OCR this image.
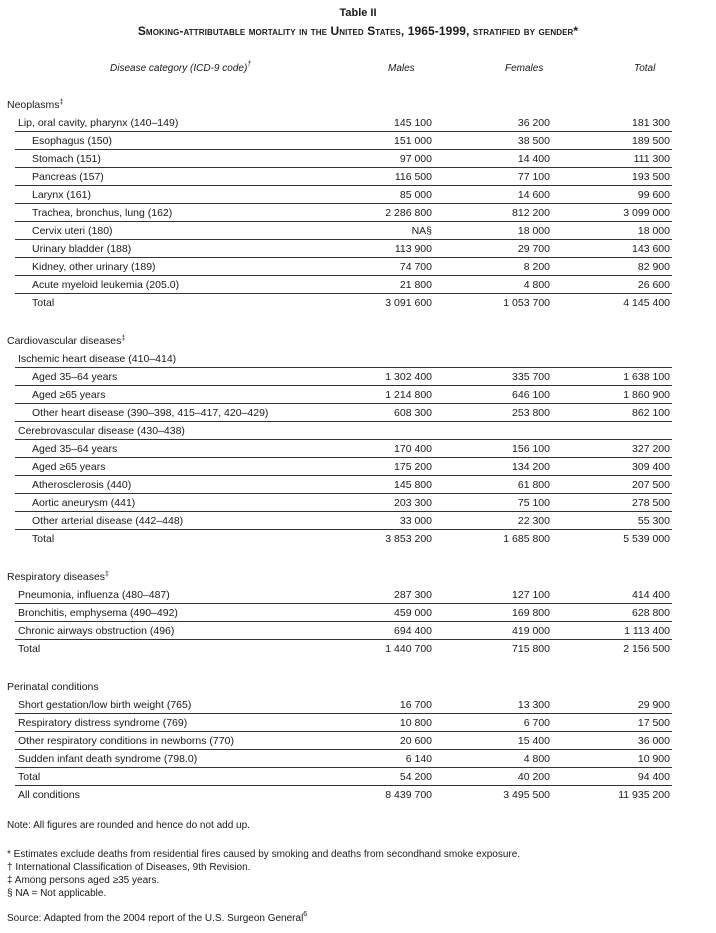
Table II
Smoking-attributable mortality in the United States, 1965-1999, stratified by gender*
Disease category (ICD-9 code)†	Males	Females	Total
Neoplasms‡
Lip, oral cavity, pharynx (140–149)	145 100	36 200	181 300
Esophagus (150)	151 000	38 500	189 500
Stomach (151)	97 000	14 400	111 300
Pancreas (157)	116 500	77 100	193 500
Larynx (161)	85 000	14 600	99 600
Trachea, bronchus, lung (162)	2 286 800	812 200	3 099 000
Cervix uteri (180)	NA§	18 000	18 000
Urinary bladder (188)	113 900	29 700	143 600
Kidney, other urinary (189)	74 700	8 200	82 900
Acute myeloid leukemia (205.0)	21 800	4 800	26 600
Total	3 091 600	1 053 700	4 145 400
Cardiovascular diseases‡
Ischemic heart disease (410–414)
Aged 35–64 years	1 302 400	335 700	1 638 100
Aged ≥65 years	1 214 800	646 100	1 860 900
Other heart disease (390–398, 415–417, 420–429)	608 300	253 800	862 100
Cerebrovascular disease (430–438)
Aged 35–64 years	170 400	156 100	327 200
Aged ≥65 years	175 200	134 200	309 400
Atherosclerosis (440)	145 800	61 800	207 500
Aortic aneurysm (441)	203 300	75 100	278 500
Other arterial disease (442–448)	33 000	22 300	55 300
Total	3 853 200	1 685 800	5 539 000
Respiratory diseases‡
Pneumonia, influenza (480–487)	287 300	127 100	414 400
Bronchitis, emphysema (490–492)	459 000	169 800	628 800
Chronic airways obstruction (496)	694 400	419 000	1 113 400
Total	1 440 700	715 800	2 156 500
Perinatal conditions
Short gestation/low birth weight (765)	16 700	13 300	29 900
Respiratory distress syndrome (769)	10 800	6 700	17 500
Other respiratory conditions in newborns (770)	20 600	15 400	36 000
Sudden infant death syndrome (798.0)	6 140	4 800	10 900
Total	54 200	40 200	94 400
All conditions	8 439 700	3 495 500	11 935 200
Note: All figures are rounded and hence do not add up.
* Estimates exclude deaths from residential fires caused by smoking and deaths from secondhand smoke exposure.
† International Classification of Diseases, 9th Revision.
‡ Among persons aged ≥35 years.
§ NA = Not applicable.
Source: Adapted from the 2004 report of the U.S. Surgeon General$^6$
